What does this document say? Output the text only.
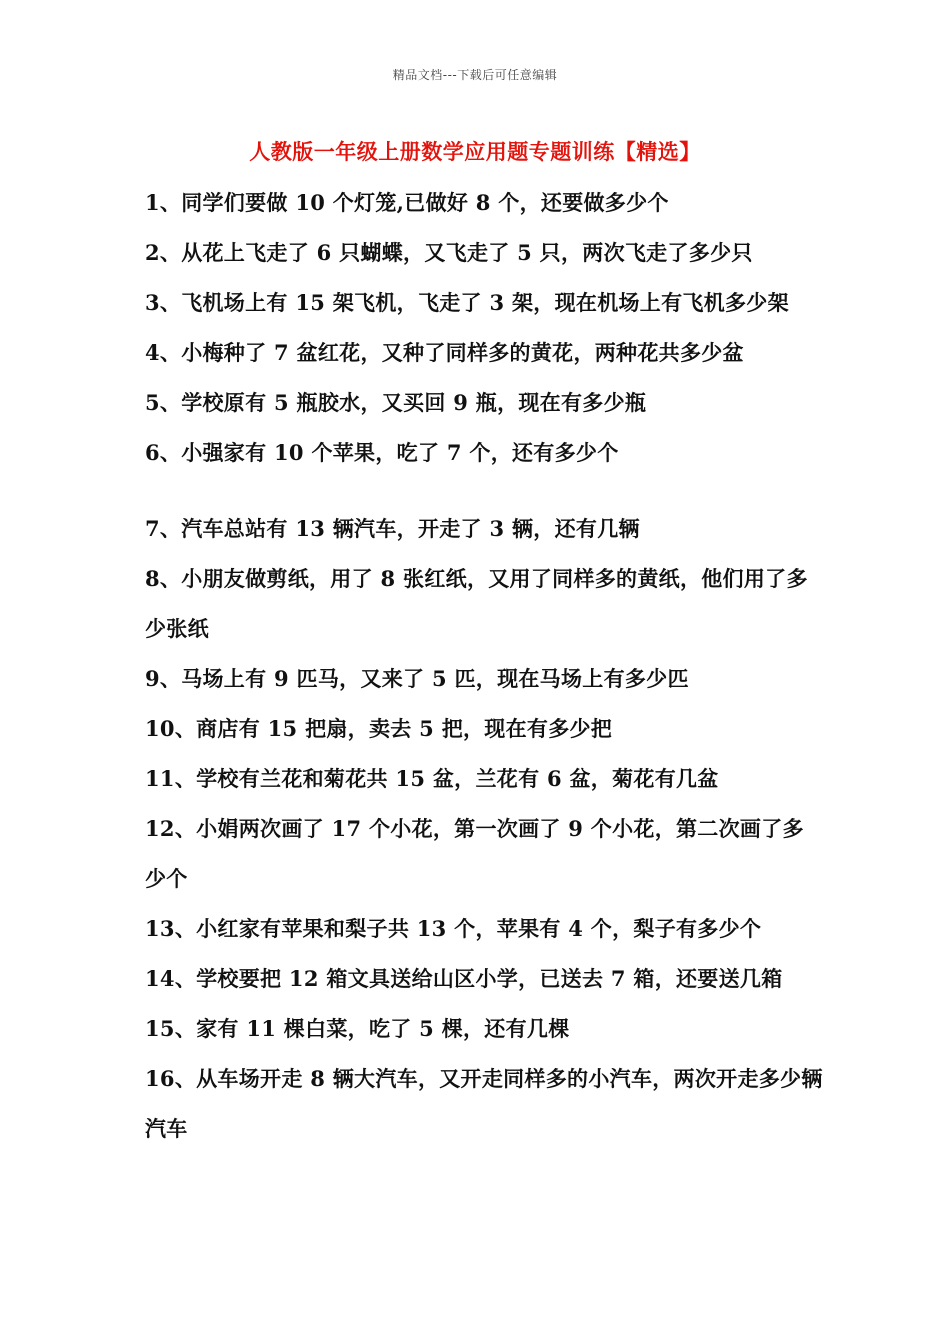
精品文档---下载后可任意编辑
人教版一年级上册数学应用题专题训练【精选】
1、同学们要做 10 个灯笼,已做好 8 个，还要做多少个
2、从花上飞走了 6 只蝴蝶，又飞走了 5 只，两次飞走了多少只
3、飞机场上有 15 架飞机，飞走了 3 架，现在机场上有飞机多少架
4、小梅种了 7 盆红花，又种了同样多的黄花，两种花共多少盆
5、学校原有 5 瓶胶水，又买回 9 瓶，现在有多少瓶
6、小强家有 10 个苹果，吃了 7 个，还有多少个
7、汽车总站有 13 辆汽车，开走了 3 辆，还有几辆
8、小朋友做剪纸，用了 8 张红纸，又用了同样多的黄纸，他们用了多少张纸
9、马场上有 9 匹马，又来了 5 匹，现在马场上有多少匹
10、商店有 15 把扇，卖去 5 把，现在有多少把
11、学校有兰花和菊花共 15 盆，兰花有 6 盆，菊花有几盆
12、小娟两次画了 17 个小花，第一次画了 9 个小花，第二次画了多少个
13、小红家有苹果和梨子共 13 个，苹果有 4 个，梨子有多少个
14、学校要把 12 箱文具送给山区小学，已送去 7 箱，还要送几箱
15、家有 11 棵白菜，吃了 5 棵，还有几棵
16、从车场开走 8 辆大汽车，又开走同样多的小汽车，两次开走多少辆汽车
